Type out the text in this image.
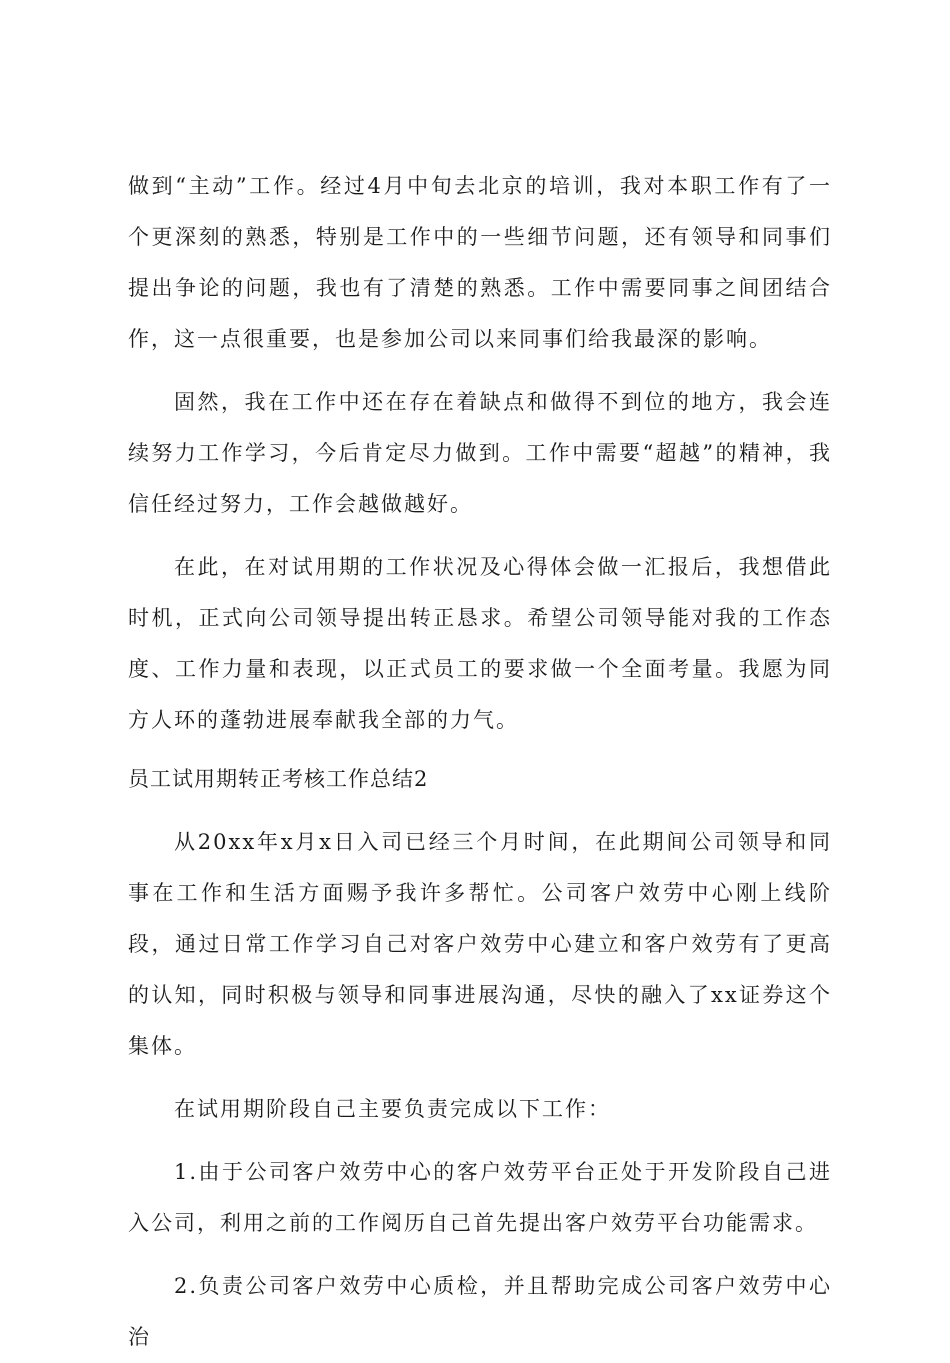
做到“主动”工作。经过4月中旬去北京的培训，我对本职工作有了一个更深刻的熟悉，特别是工作中的一些细节问题，还有领导和同事们提出争论的问题，我也有了清楚的熟悉。工作中需要同事之间团结合作，这一点很重要，也是参加公司以来同事们给我最深的影响。

固然，我在工作中还在存在着缺点和做得不到位的地方，我会连续努力工作学习，今后肯定尽力做到。工作中需要“超越”的精神，我信任经过努力，工作会越做越好。

在此，在对试用期的工作状况及心得体会做一汇报后，我想借此时机，正式向公司领导提出转正恳求。希望公司领导能对我的工作态度、工作力量和表现，以正式员工的要求做一个全面考量。我愿为同方人环的蓬勃进展奉献我全部的力气。

员工试用期转正考核工作总结2

从20xx年x月x日入司已经三个月时间，在此期间公司领导和同事在工作和生活方面赐予我许多帮忙。公司客户效劳中心刚上线阶段，通过日常工作学习自己对客户效劳中心建立和客户效劳有了更高的认知，同时积极与领导和同事进展沟通，尽快的融入了xx证券这个集体。

在试用期阶段自己主要负责完成以下工作：

1.由于公司客户效劳中心的客户效劳平台正处于开发阶段自己进入公司，利用之前的工作阅历自己首先提出客户效劳平台功能需求。

2.负责公司客户效劳中心质检，并且帮助完成公司客户效劳中心治
